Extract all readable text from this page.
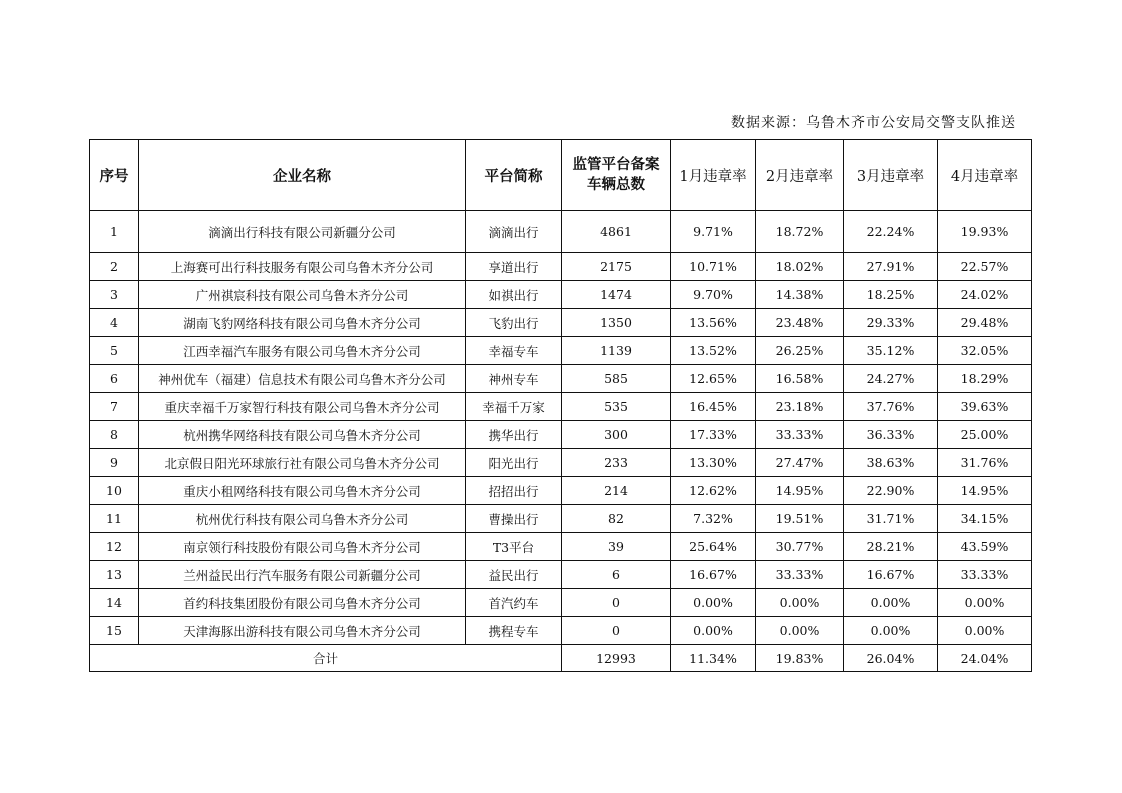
数据来源：乌鲁木齐市公安局交警支队推送
序号	企业名称	平台简称	监管平台备案车辆总数	1月违章率	2月违章率	3月违章率	4月违章率
1	滴滴出行科技有限公司新疆分公司	滴滴出行	4861	9.71%	18.72%	22.24%	19.93%
2	上海赛可出行科技服务有限公司乌鲁木齐分公司	享道出行	2175	10.71%	18.02%	27.91%	22.57%
3	广州祺宸科技有限公司乌鲁木齐分公司	如祺出行	1474	9.70%	14.38%	18.25%	24.02%
4	湖南飞豹网络科技有限公司乌鲁木齐分公司	飞豹出行	1350	13.56%	23.48%	29.33%	29.48%
5	江西幸福汽车服务有限公司乌鲁木齐分公司	幸福专车	1139	13.52%	26.25%	35.12%	32.05%
6	神州优车（福建）信息技术有限公司乌鲁木齐分公司	神州专车	585	12.65%	16.58%	24.27%	18.29%
7	重庆幸福千万家智行科技有限公司乌鲁木齐分公司	幸福千万家	535	16.45%	23.18%	37.76%	39.63%
8	杭州携华网络科技有限公司乌鲁木齐分公司	携华出行	300	17.33%	33.33%	36.33%	25.00%
9	北京假日阳光环球旅行社有限公司乌鲁木齐分公司	阳光出行	233	13.30%	27.47%	38.63%	31.76%
10	重庆小租网络科技有限公司乌鲁木齐分公司	招招出行	214	12.62%	14.95%	22.90%	14.95%
11	杭州优行科技有限公司乌鲁木齐分公司	曹操出行	82	7.32%	19.51%	31.71%	34.15%
12	南京领行科技股份有限公司乌鲁木齐分公司	T3平台	39	25.64%	30.77%	28.21%	43.59%
13	兰州益民出行汽车服务有限公司新疆分公司	益民出行	6	16.67%	33.33%	16.67%	33.33%
14	首约科技集团股份有限公司乌鲁木齐分公司	首汽约车	0	0.00%	0.00%	0.00%	0.00%
15	天津海豚出游科技有限公司乌鲁木齐分公司	携程专车	0	0.00%	0.00%	0.00%	0.00%
合计			12993	11.34%	19.83%	26.04%	24.04%
